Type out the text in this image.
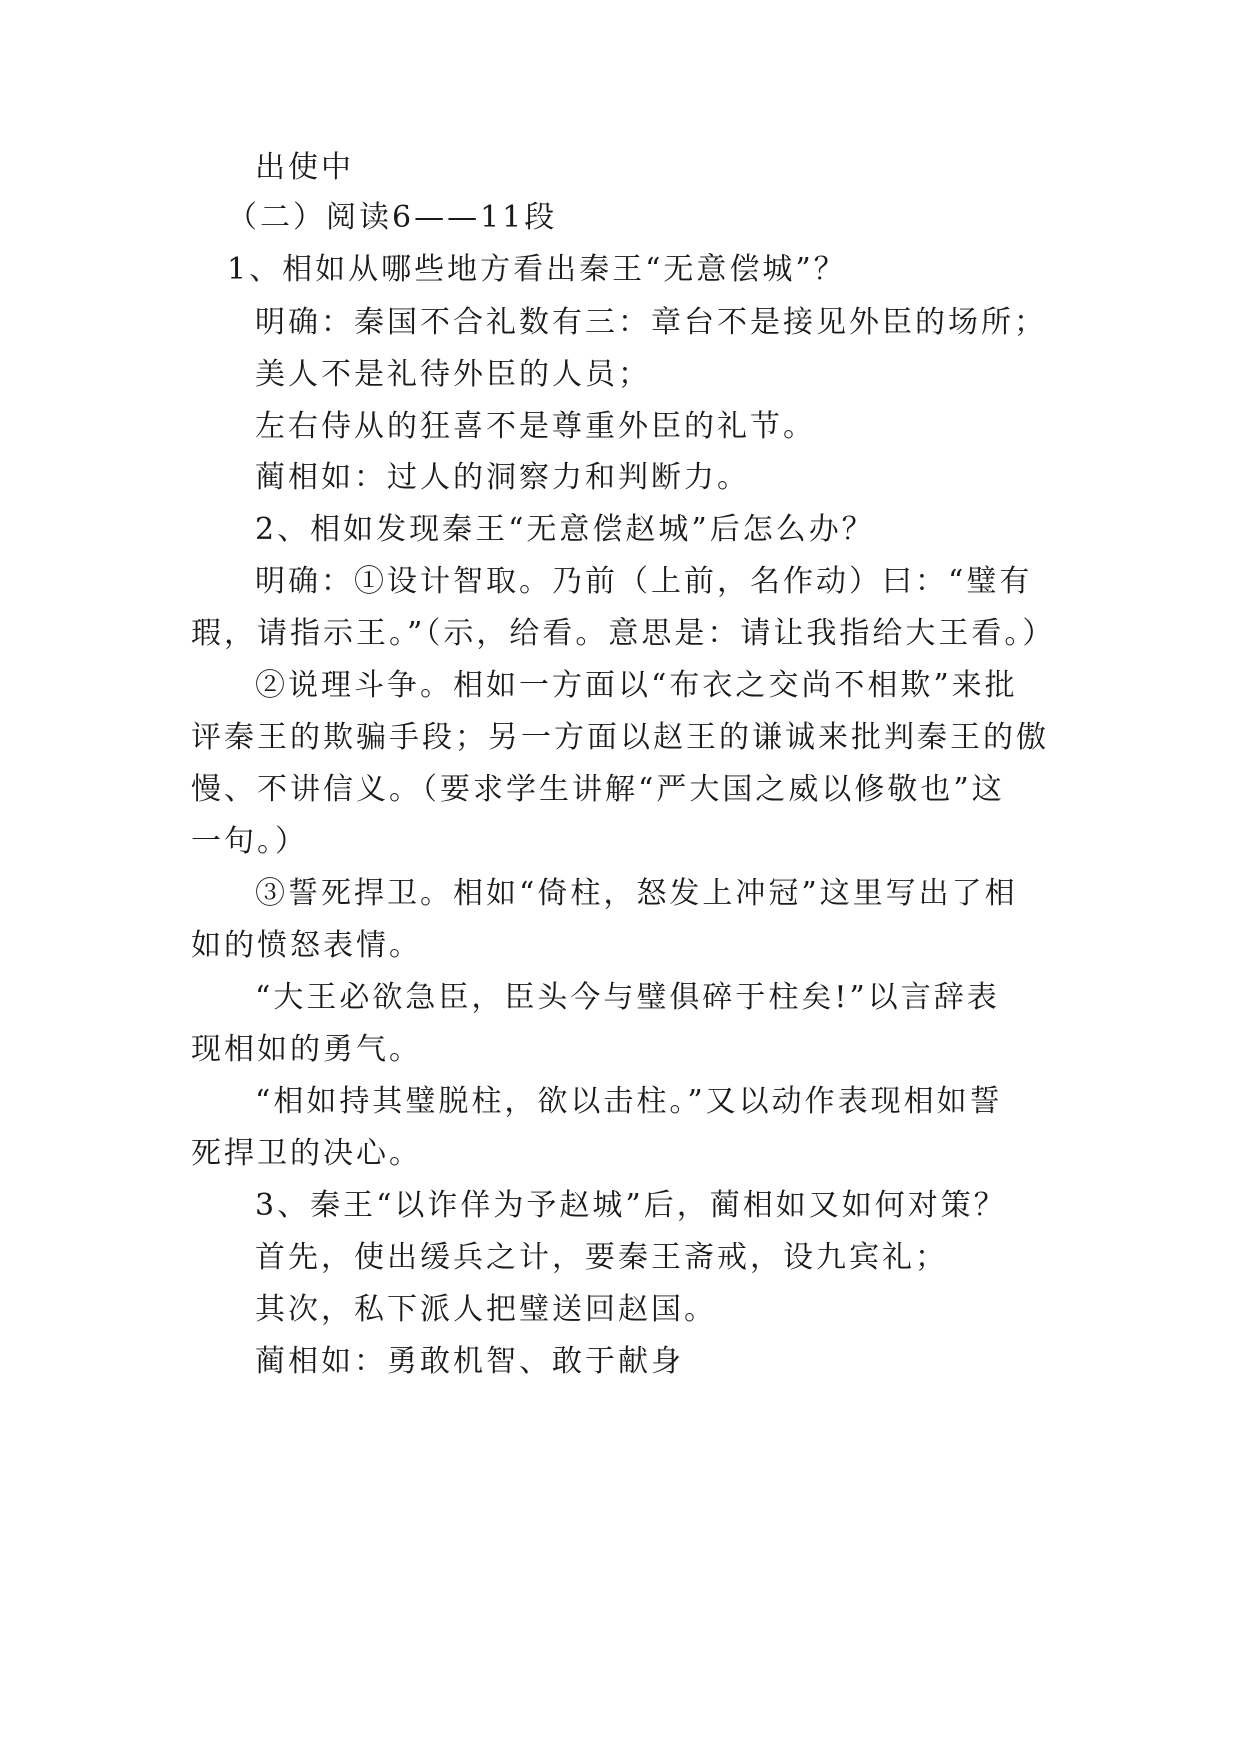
出使中
（二）阅读6——11段
1、相如从哪些地方看出秦王“无意偿城”？
明确：秦国不合礼数有三：章台不是接见外臣的场所；
美人不是礼待外臣的人员；
左右侍从的狂喜不是尊重外臣的礼节。
蔺相如：过人的洞察力和判断力。
2、相如发现秦王“无意偿赵城”后怎么办？
明确：①设计智取。乃前（上前，名作动）曰：“璧有
瑕，请指示王。”（示，给看。意思是：请让我指给大王看。）
②说理斗争。相如一方面以“布衣之交尚不相欺”来批
评秦王的欺骗手段；另一方面以赵王的谦诚来批判秦王的傲
慢、不讲信义。（要求学生讲解“严大国之威以修敬也”这
一句。）
③誓死捍卫。相如“倚柱，怒发上冲冠”这里写出了相
如的愤怒表情。
“大王必欲急臣，臣头今与璧俱碎于柱矣!”以言辞表
现相如的勇气。
“相如持其璧脱柱，欲以击柱。”又以动作表现相如誓
死捍卫的决心。
3、秦王“以诈佯为予赵城”后，蔺相如又如何对策？
首先，使出缓兵之计，要秦王斋戒，设九宾礼；
其次，私下派人把璧送回赵国。
蔺相如：勇敢机智、敢于献身
